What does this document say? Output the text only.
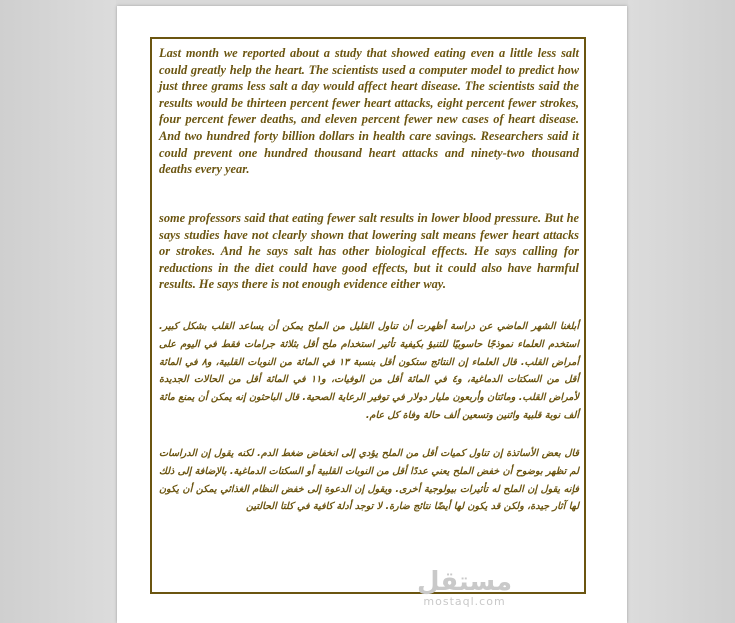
Last month we reported about a study that showed eating even a little less salt could greatly help the heart. The scientists used a computer model to predict how just three grams less salt a day would affect heart disease. The scientists said the results would be thirteen percent fewer heart attacks, eight percent fewer strokes, four percent fewer deaths, and eleven percent fewer new cases of heart disease. And two hundred forty billion dollars in health care savings. Researchers said it could prevent one hundred thousand heart attacks and ninety-two thousand deaths every year.

some professors said that eating fewer salt results in lower blood pressure. But he says studies have not clearly shown that lowering salt means fewer heart attacks or strokes. And he says salt has other biological effects. He says calling for reductions in the diet could have good effects, but it could also have harmful results. He says there is not enough evidence either way.

أبلغنا الشهر الماضي عن دراسة أظهرت أن تناول القليل من الملح يمكن أن يساعد القلب بشكل كبير. استخدم العلماء نموذجًا حاسوبيًا للتنبؤ بكيفية تأثير استخدام ملح أقل بثلاثة جرامات فقط في اليوم على أمراض القلب. قال العلماء إن النتائج ستكون أقل بنسبة ١٣ في المائة من النوبات القلبية، و٨ في المائة أقل من السكتات الدماغية، و٤ في المائة أقل من الوفيات، و١١ في المائة أقل من الحالات الجديدة لأمراض القلب. ومائتان وأربعون مليار دولار في توفير الرعاية الصحية. قال الباحثون إنه يمكن أن يمنع مائة ألف نوبة قلبية واثنين وتسعين ألف حالة وفاة كل عام.

قال بعض الأساتذة إن تناول كميات أقل من الملح يؤدي إلى انخفاض ضغط الدم. لكنه يقول إن الدراسات لم تظهر بوضوح أن خفض الملح يعني عددًا أقل من النوبات القلبية أو السكتات الدماغية. بالإضافة إلى ذلك فإنه يقول إن الملح له تأثيرات بيولوجية أخرى. ويقول إن الدعوة إلى خفض النظام الغذائي يمكن أن يكون لها آثار جيدة، ولكن قد يكون لها أيضًا نتائج ضارة. لا توجد أدلة كافية في كلتا الحالتين

مستقل
mostaql.com
